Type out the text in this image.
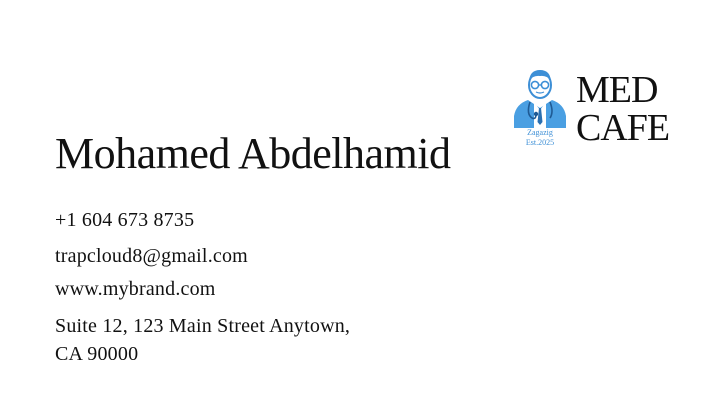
Zagazig
Est.2025
MED
CAFE
Mohamed Abdelhamid
+1 604 673 8735
trapcloud8@gmail.com
www.mybrand.com
Suite 12, 123 Main Street Anytown, CA 90000
